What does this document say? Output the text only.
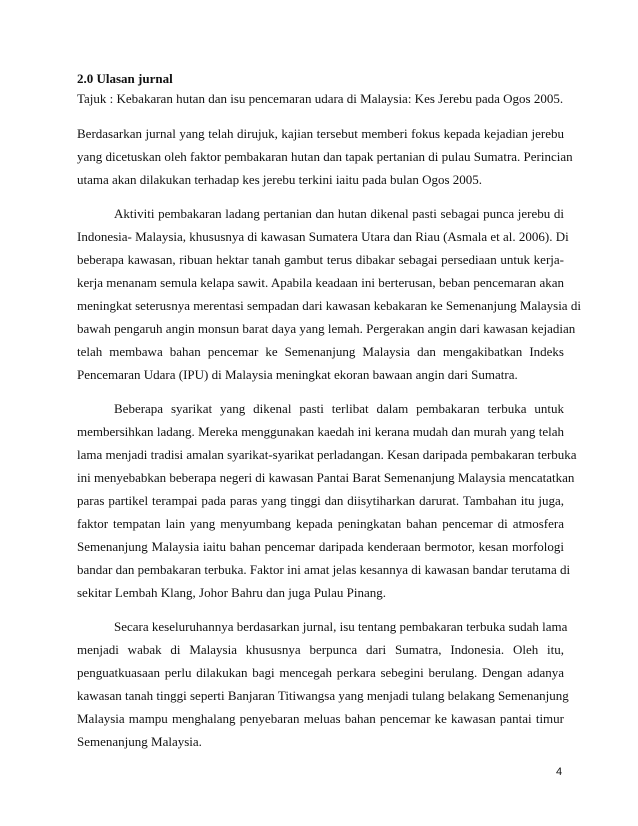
2.0 Ulasan jurnal

Tajuk : Kebakaran hutan dan isu pencemaran udara di Malaysia: Kes Jerebu pada Ogos 2005.

Berdasarkan jurnal yang telah dirujuk, kajian tersebut memberi fokus kepada kejadian jerebu

yang dicetuskan oleh faktor pembakaran hutan dan tapak pertanian di pulau Sumatra. Perincian

utama akan dilakukan terhadap kes jerebu terkini iaitu pada bulan Ogos 2005.

Aktiviti pembakaran ladang pertanian dan hutan dikenal pasti sebagai punca jerebu di

Indonesia- Malaysia, khususnya di kawasan Sumatera Utara dan Riau (Asmala et al. 2006). Di

beberapa kawasan, ribuan hektar tanah gambut terus dibakar sebagai persediaan untuk kerja-

kerja menanam semula kelapa sawit. Apabila keadaan ini berterusan, beban pencemaran akan

meningkat seterusnya merentasi sempadan dari kawasan kebakaran ke Semenanjung Malaysia di

bawah pengaruh angin monsun barat daya yang lemah. Pergerakan angin dari kawasan kejadian

telah membawa bahan pencemar ke Semenanjung Malaysia dan mengakibatkan Indeks

Pencemaran Udara (IPU) di Malaysia meningkat ekoran bawaan angin dari Sumatra.

Beberapa syarikat yang dikenal pasti terlibat dalam pembakaran terbuka untuk

membersihkan ladang. Mereka menggunakan kaedah ini kerana mudah dan murah yang telah

lama menjadi tradisi amalan syarikat-syarikat perladangan. Kesan daripada pembakaran terbuka

ini menyebabkan beberapa negeri di kawasan Pantai Barat Semenanjung Malaysia mencatatkan

paras partikel terampai pada paras yang tinggi dan diisytiharkan darurat. Tambahan itu juga,

faktor tempatan lain yang menyumbang kepada peningkatan bahan pencemar di atmosfera

Semenanjung Malaysia iaitu bahan pencemar daripada kenderaan bermotor, kesan morfologi

bandar dan pembakaran terbuka. Faktor ini amat jelas kesannya di kawasan bandar terutama di

sekitar Lembah Klang, Johor Bahru dan juga Pulau Pinang.

Secara keseluruhannya berdasarkan jurnal, isu tentang pembakaran terbuka sudah lama

menjadi wabak di Malaysia khususnya berpunca dari Sumatra, Indonesia. Oleh itu,

penguatkuasaan perlu dilakukan bagi mencegah perkara sebegini berulang. Dengan adanya

kawasan tanah tinggi seperti Banjaran Titiwangsa yang menjadi tulang belakang Semenanjung

Malaysia mampu menghalang penyebaran meluas bahan pencemar ke kawasan pantai timur

Semenanjung Malaysia.

4
